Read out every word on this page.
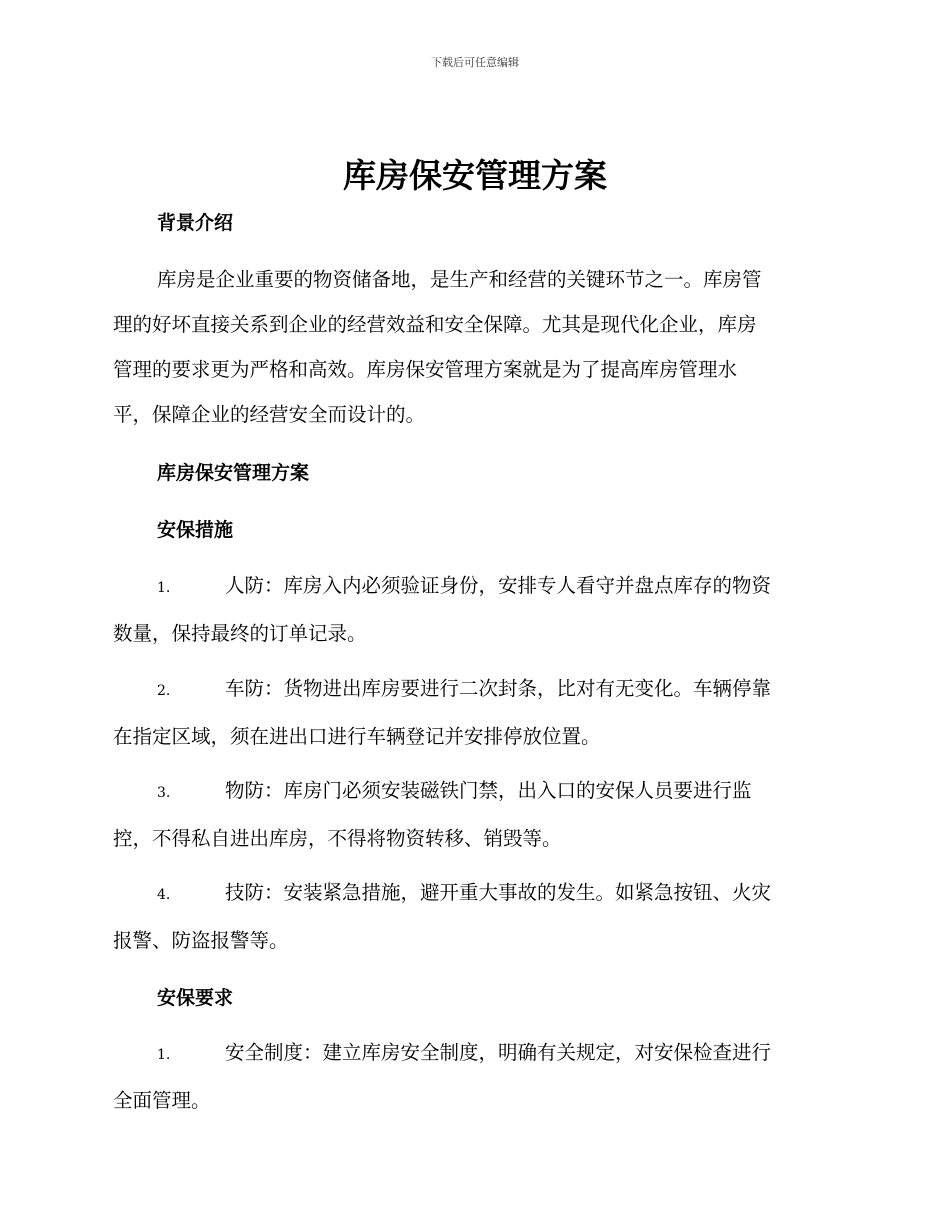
下载后可任意编辑
库房保安管理方案
背景介绍
库房是企业重要的物资储备地，是生产和经营的关键环节之一。库房管
理的好坏直接关系到企业的经营效益和安全保障。尤其是现代化企业，库房
管理的要求更为严格和高效。库房保安管理方案就是为了提高库房管理水
平，保障企业的经营安全而设计的。
库房保安管理方案
安保措施
1.	人防：库房入内必须验证身份，安排专人看守并盘点库存的物资
数量，保持最终的订单记录。
2.	车防：货物进出库房要进行二次封条，比对有无变化。车辆停靠
在指定区域，须在进出口进行车辆登记并安排停放位置。
3.	物防：库房门必须安装磁铁门禁，出入口的安保人员要进行监
控，不得私自进出库房，不得将物资转移、销毁等。
4.	技防：安装紧急措施，避开重大事故的发生。如紧急按钮、火灾
报警、防盗报警等。
安保要求
1.	安全制度：建立库房安全制度，明确有关规定，对安保检查进行
全面管理。
